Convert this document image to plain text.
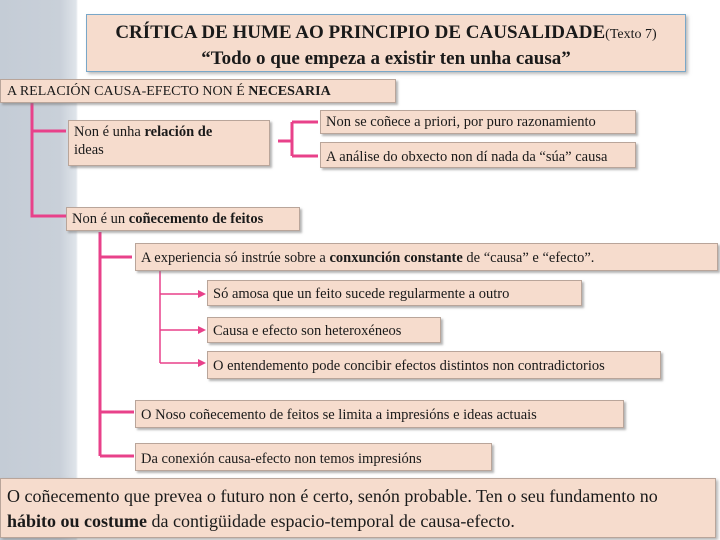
CRÍTICA DE HUME AO PRINCIPIO DE CAUSALIDADE(Texto 7)
“Todo o que empeza a existir ten unha causa”
A RELACIÓN CAUSA-EFECTO NON É NECESARIA
Non é unha relación de
ideas
Non se coñece a priori, por puro razonamiento
A análise do obxecto non dí nada da “súa” causa
Non é un coñecemento de feitos
A experiencia só instrúe sobre a conxunción constante de “causa” e “efecto”.
Só amosa que un feito sucede regularmente a outro
Causa e efecto son heteroxéneos
O entendemento pode concibir efectos distintos non contradictorios
O Noso coñecemento de feitos se limita a impresións e ideas actuais
Da conexión causa-efecto non temos impresións
O coñecemento que prevea o futuro non é certo, senón probable. Ten o seu fundamento no hábito ou costume da contigüidade espacio-temporal de causa-efecto.
